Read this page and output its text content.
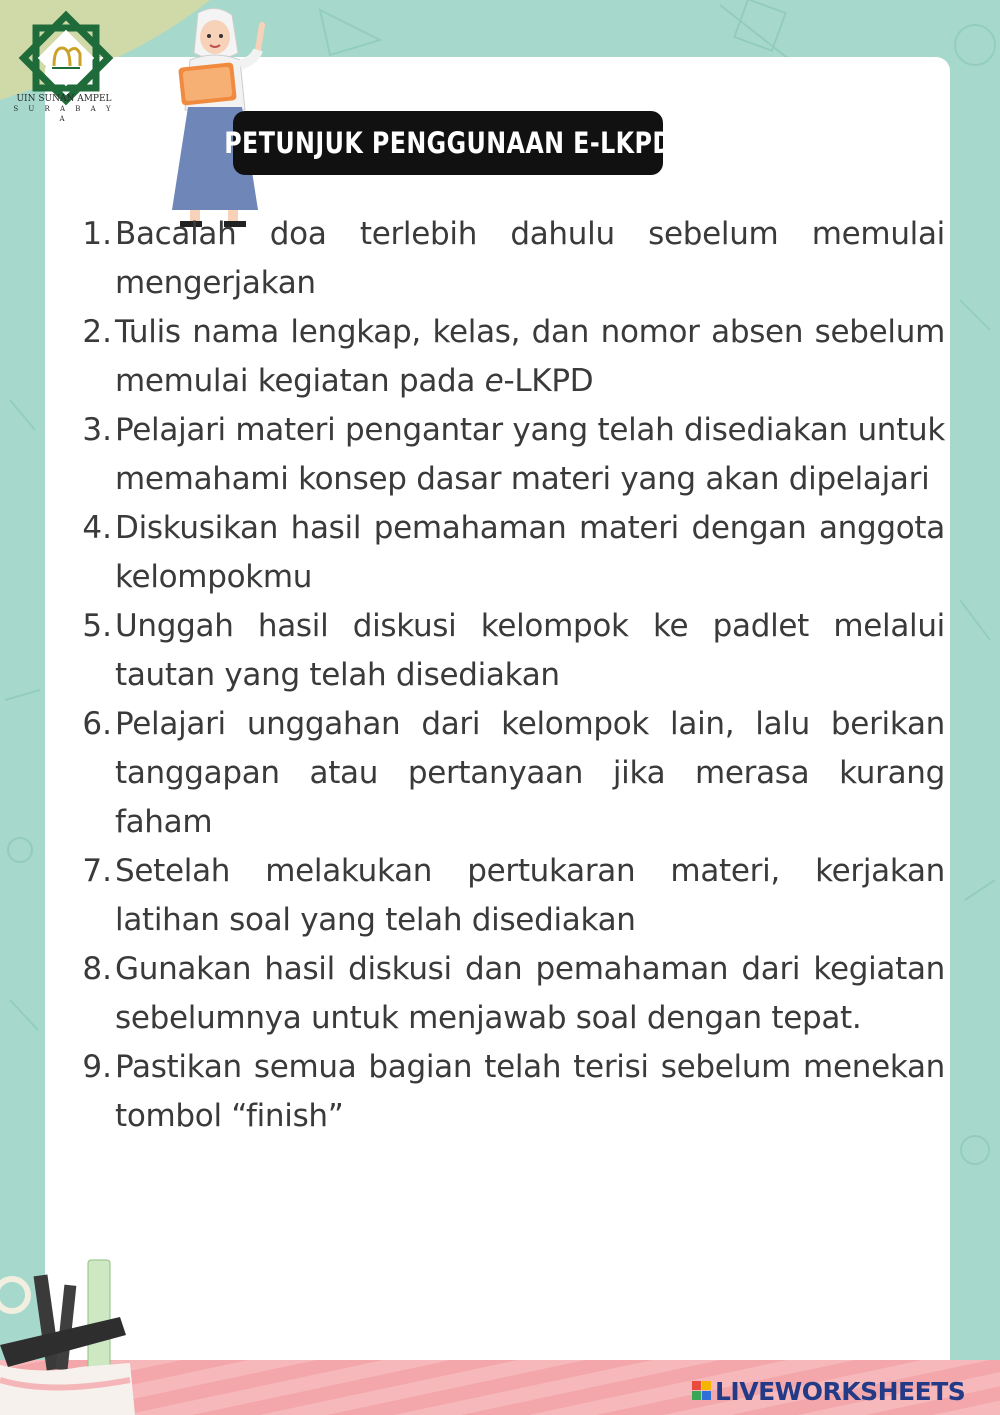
UIN SUNAN AMPEL
S U R A B A Y A
PETUNJUK PENGGUNAAN E-LKPD
1. Bacalah doa terlebih dahulu sebelum memulai mengerjakan
2. Tulis nama lengkap, kelas, dan nomor absen sebelum memulai kegiatan pada e-LKPD
3. Pelajari materi pengantar yang telah disediakan untuk memahami konsep dasar materi yang akan dipelajari
4. Diskusikan hasil pemahaman materi dengan anggota kelompokmu
5. Unggah hasil diskusi kelompok ke padlet melalui tautan yang telah disediakan
6. Pelajari unggahan dari kelompok lain, lalu berikan tanggapan atau pertanyaan jika merasa kurang faham
7. Setelah melakukan pertukaran materi, kerjakan latihan soal yang telah disediakan
8. Gunakan hasil diskusi dan pemahaman dari kegiatan sebelumnya untuk menjawab soal dengan tepat.
9. Pastikan semua bagian telah terisi sebelum menekan tombol “finish”
LIVEWORKSHEETS
